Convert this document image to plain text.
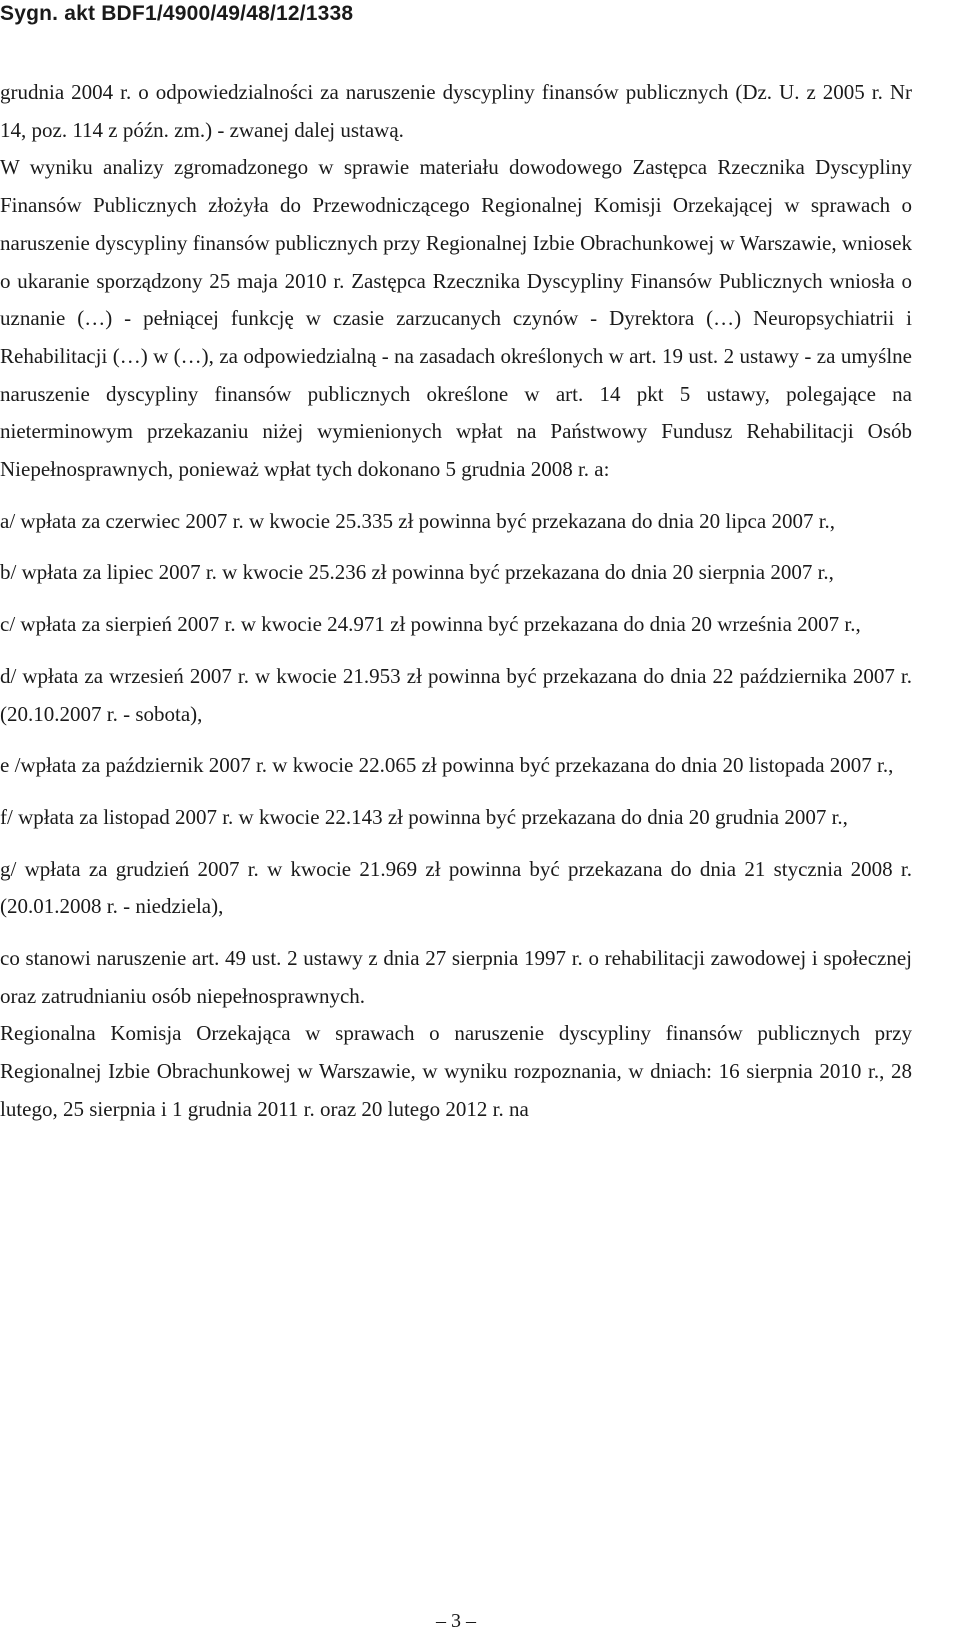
Sygn. akt BDF1/4900/49/48/12/1338

grudnia 2004 r. o odpowiedzialności za naruszenie dyscypliny finansów publicznych (Dz. U. z 2005 r. Nr 14, poz. 114 z późn. zm.) - zwanej dalej ustawą.

W wyniku analizy zgromadzonego w sprawie materiału dowodowego Zastępca Rzecznika Dyscypliny Finansów Publicznych złożyła do Przewodniczącego Regionalnej Komisji Orzekającej w sprawach o naruszenie dyscypliny finansów publicznych przy Regionalnej Izbie Obrachunkowej w Warszawie, wniosek o ukaranie sporządzony 25 maja 2010 r. Zastępca Rzecznika Dyscypliny Finansów Publicznych wniosła o uznanie (…) - pełniącej funkcję w czasie zarzucanych czynów - Dyrektora (…) Neuropsychiatrii i Rehabilitacji (…) w (…), za odpowiedzialną - na zasadach określonych w art. 19 ust. 2 ustawy - za umyślne naruszenie dyscypliny finansów publicznych określone w art. 14 pkt 5 ustawy, polegające na nieterminowym przekazaniu niżej wymienionych wpłat na Państwowy Fundusz Rehabilitacji Osób Niepełnosprawnych, ponieważ wpłat tych dokonano 5 grudnia 2008 r. a:

a/ wpłata za czerwiec 2007 r. w kwocie 25.335 zł powinna być przekazana do dnia 20 lipca 2007 r.,

b/ wpłata za lipiec 2007 r. w kwocie 25.236 zł powinna być przekazana do dnia 20 sierpnia 2007 r.,

c/ wpłata za sierpień 2007 r. w kwocie 24.971 zł powinna być przekazana do dnia 20 września 2007 r.,

d/ wpłata za wrzesień 2007 r. w kwocie 21.953 zł powinna być przekazana do dnia 22 października 2007 r. (20.10.2007 r. - sobota),

e /wpłata za październik 2007 r. w kwocie 22.065 zł powinna być przekazana do dnia 20 listopada 2007 r.,

f/ wpłata za listopad 2007 r. w kwocie 22.143 zł powinna być przekazana do dnia 20 grudnia 2007 r.,

g/ wpłata za grudzień 2007 r. w kwocie 21.969 zł powinna być przekazana do dnia 21 stycznia 2008 r. (20.01.2008 r. - niedziela),

co stanowi naruszenie art. 49 ust. 2 ustawy z dnia 27 sierpnia 1997 r. o rehabilitacji zawodowej i społecznej oraz zatrudnianiu osób niepełnosprawnych.

Regionalna Komisja Orzekająca w sprawach o naruszenie dyscypliny finansów publicznych przy Regionalnej Izbie Obrachunkowej w Warszawie, w wyniku rozpoznania, w dniach: 16 sierpnia 2010 r., 28 lutego, 25 sierpnia i 1 grudnia 2011 r. oraz 20 lutego 2012 r. na

– 3 –
